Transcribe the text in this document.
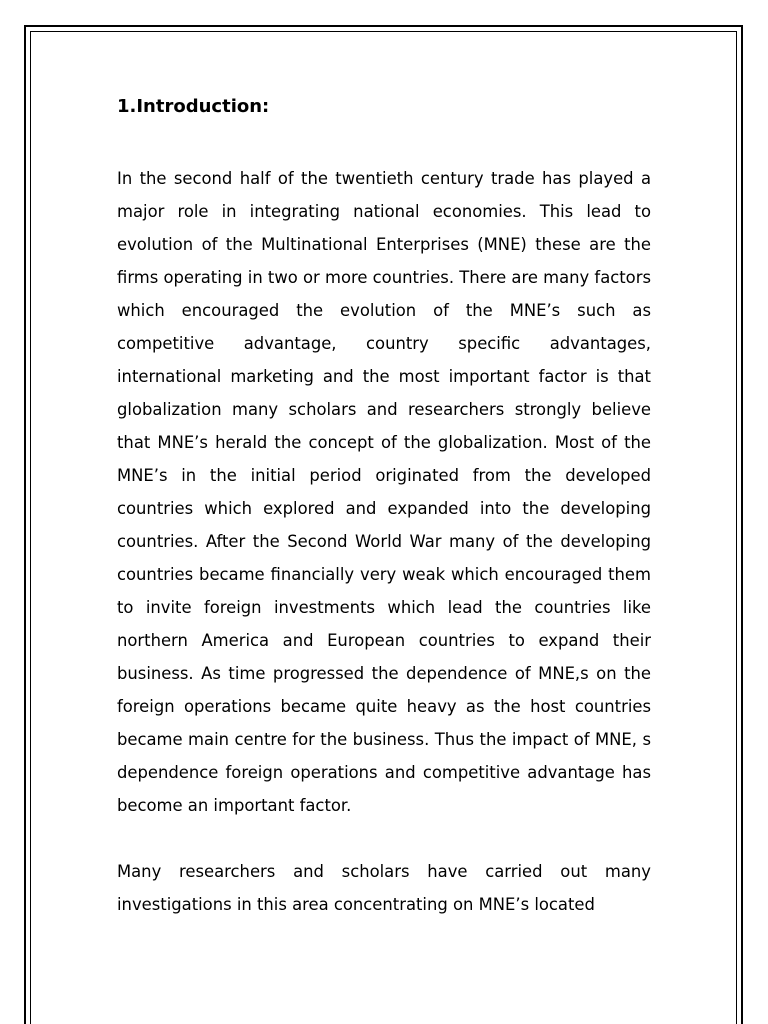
1.Introduction:

In the second half of the twentieth century trade has played a major role in integrating national economies. This lead to evolution of the Multinational Enterprises (MNE) these are the firms operating in two or more countries. There are many factors which encouraged the evolution of the MNE’s such as competitive advantage, country specific advantages, international marketing and the most important factor is that globalization many scholars and researchers strongly believe that MNE’s herald the concept of the globalization. Most of the MNE’s in the initial period originated from the developed countries which explored and expanded into the developing countries. After the Second World War many of the developing countries became financially very weak which encouraged them to invite foreign investments which lead the countries like northern America and European countries to expand their business. As time progressed the dependence of MNE,s on the foreign operations became quite heavy as the host countries became main centre for the business. Thus the impact of MNE, s dependence foreign operations and competitive advantage has become an important factor.

Many researchers and scholars have carried out many investigations in this area concentrating on MNE’s located
